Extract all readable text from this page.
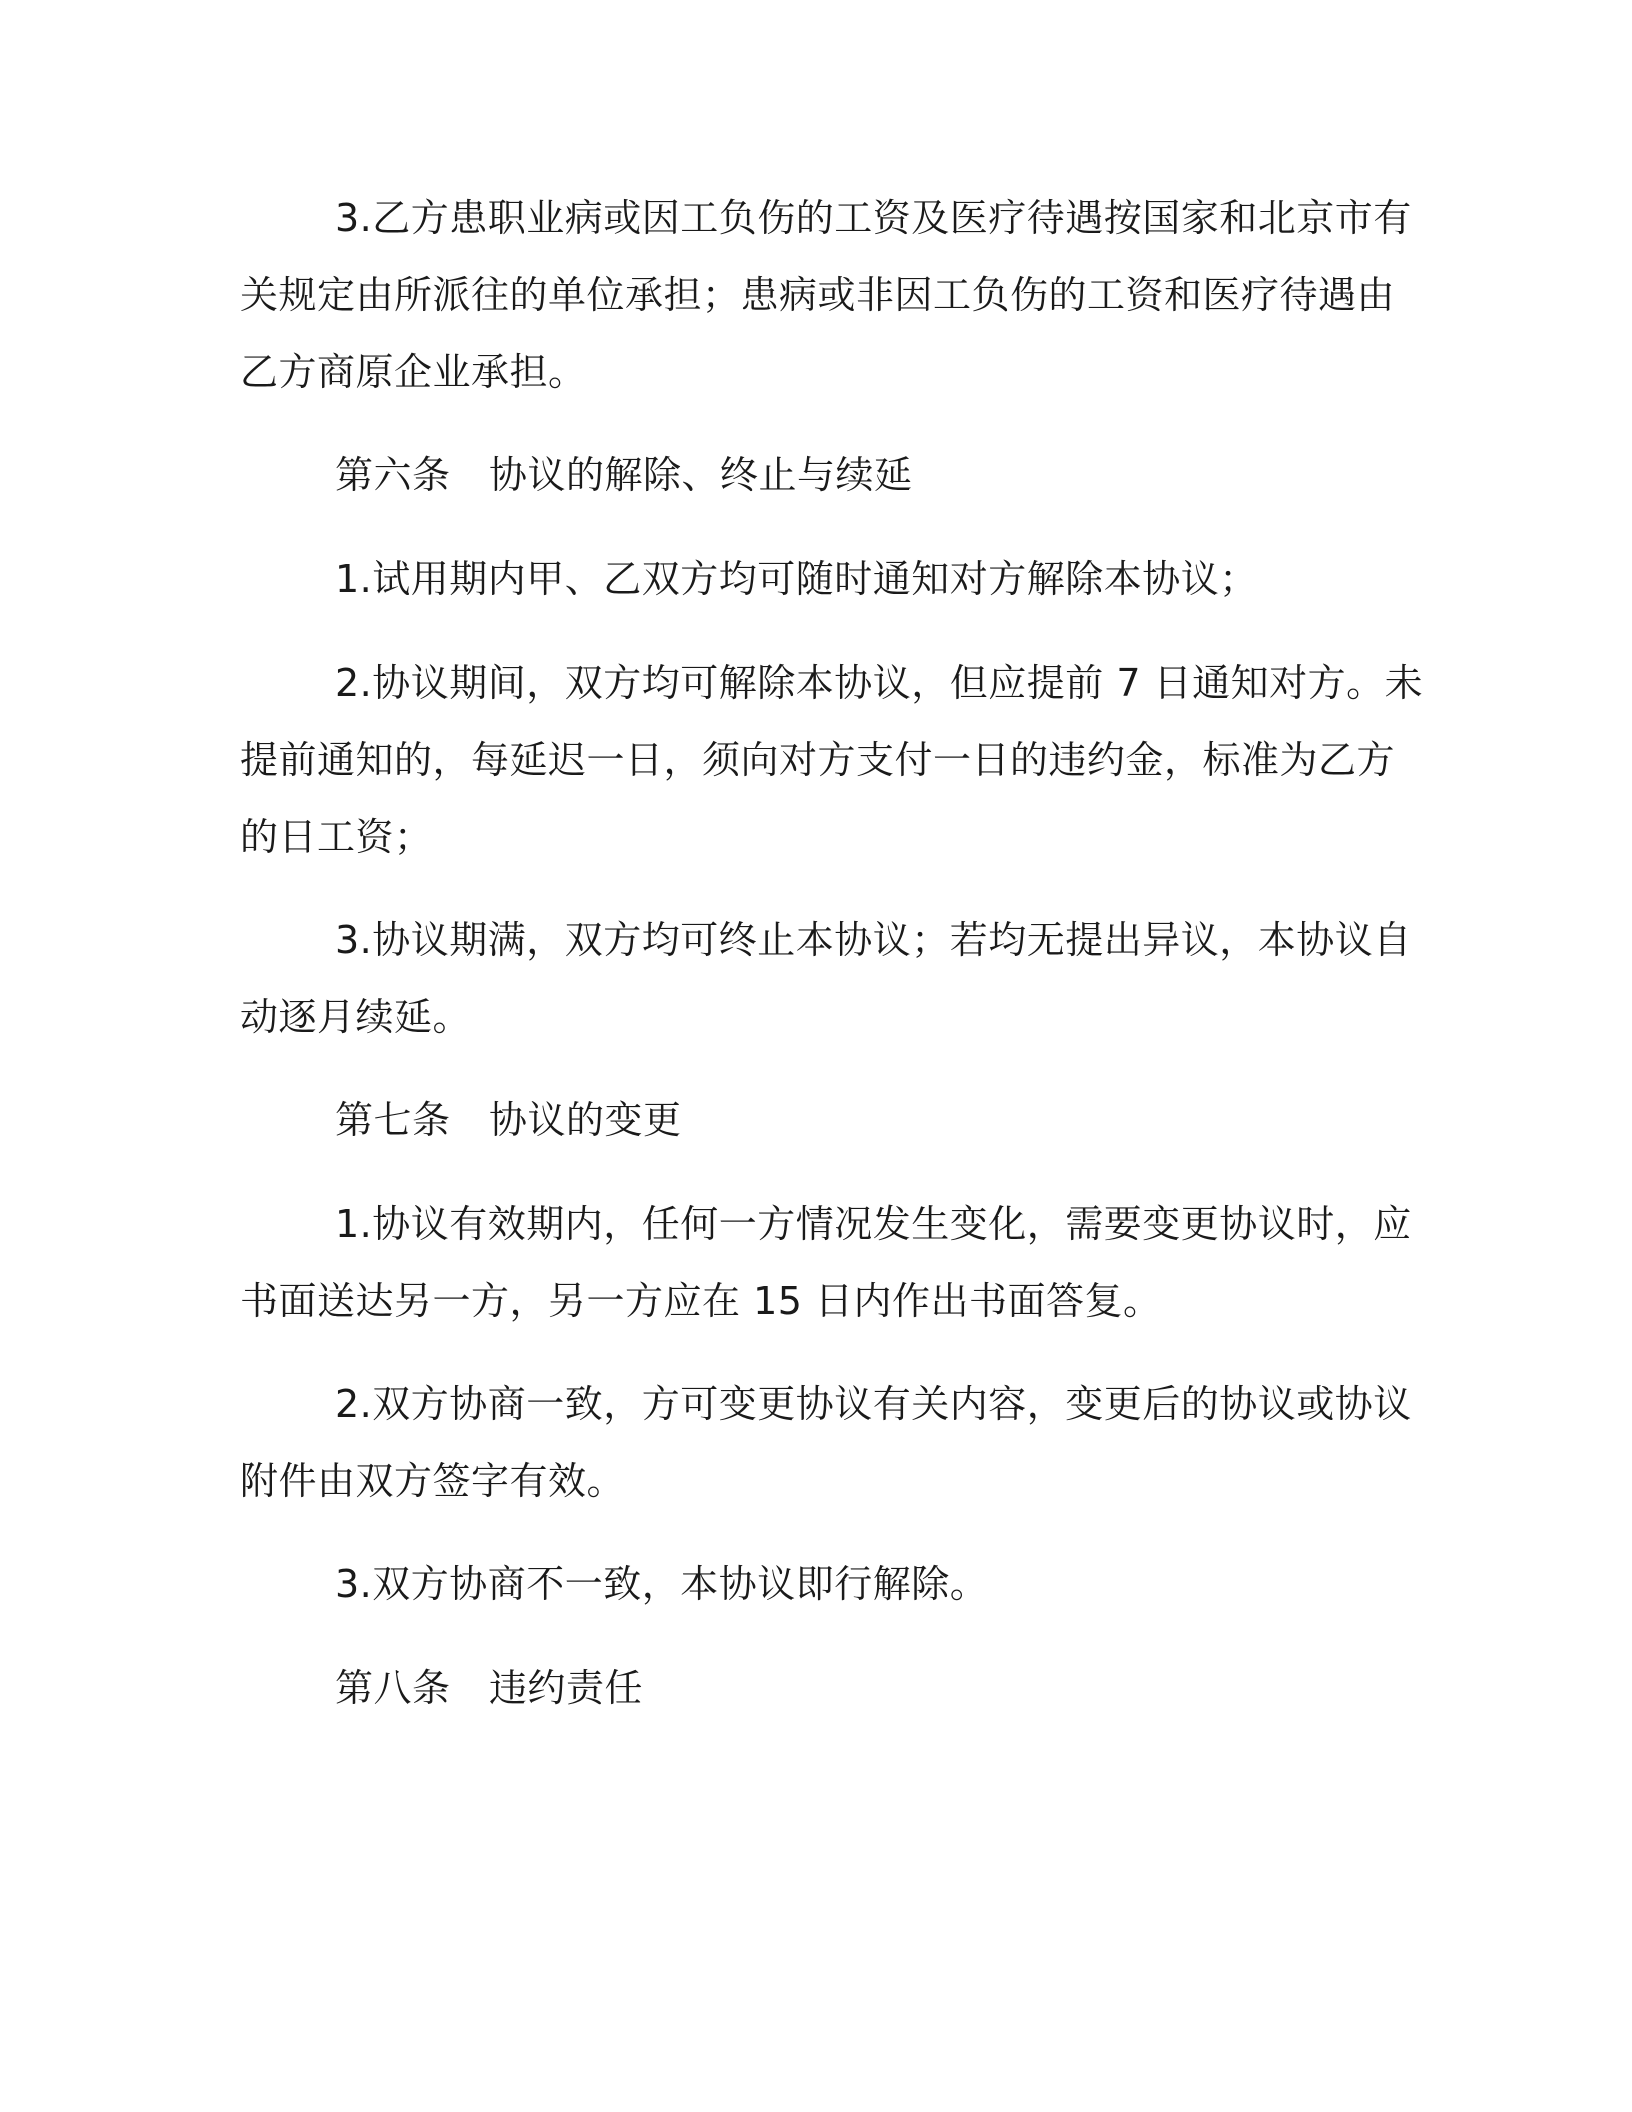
3.乙方患职业病或因工负伤的工资及医疗待遇按国家和北京市有
关规定由所派往的单位承担；患病或非因工负伤的工资和医疗待遇由
乙方商原企业承担。
第六条　协议的解除、终止与续延
1.试用期内甲、乙双方均可随时通知对方解除本协议；
2.协议期间，双方均可解除本协议，但应提前 7 日通知对方。未
提前通知的，每延迟一日，须向对方支付一日的违约金，标准为乙方
的日工资；
3.协议期满，双方均可终止本协议；若均无提出异议，本协议自
动逐月续延。
第七条　协议的变更
1.协议有效期内，任何一方情况发生变化，需要变更协议时，应
书面送达另一方，另一方应在 15 日内作出书面答复。
2.双方协商一致，方可变更协议有关内容，变更后的协议或协议
附件由双方签字有效。
3.双方协商不一致，本协议即行解除。
第八条　违约责任
